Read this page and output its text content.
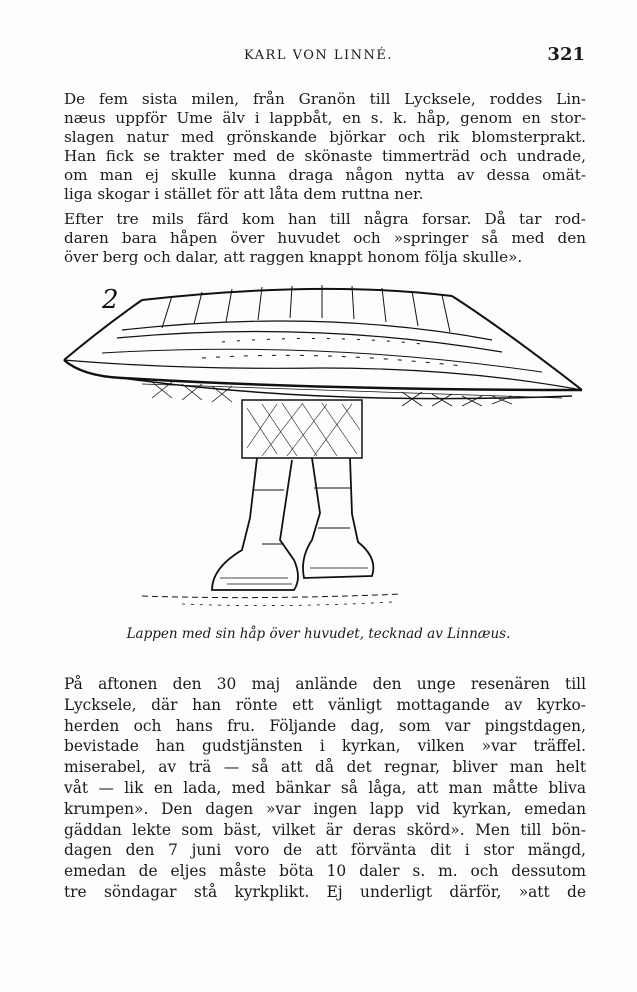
KARL VON LINNÉ.	321
De fem sista milen, från Granön till Lycksele, roddes Lin-
næus uppför Ume älv i lappbåt, en s. k. håp, genom en stor-
slagen natur med grönskande björkar och rik blomsterprakt.
Han fick se trakter med de skönaste timmerträd och undrade,
om man ej skulle kunna draga någon nytta av dessa omät-
liga skogar i stället för att låta dem ruttna ner.
Efter tre mils färd kom han till några forsar. Då tar rod-
daren bara håpen över huvudet och »springer så med den
över berg och dalar, att raggen knappt honom följa skulle».
2
Lappen med sin håp över huvudet, tecknad av Linnæus.
På aftonen den 30 maj anlände den unge resenären till
Lycksele, där han rönte ett vänligt mottagande av kyrko-
herden och hans fru. Följande dag, som var pingstdagen,
bevistade han gudstjänsten i kyrkan, vilken »var träffel.
miserabel, av trä — så att då det regnar, bliver man helt
våt — lik en lada, med bänkar så låga, att man måtte bliva
krumpen». Den dagen »var ingen lapp vid kyrkan, emedan
gäddan lekte som bäst, vilket är deras skörd». Men till bön-
dagen den 7 juni voro de att förvänta dit i stor mängd,
emedan de eljes måste böta 10 daler s. m. och dessutom
tre söndagar stå kyrkplikt. Ej underligt därför, »att de
